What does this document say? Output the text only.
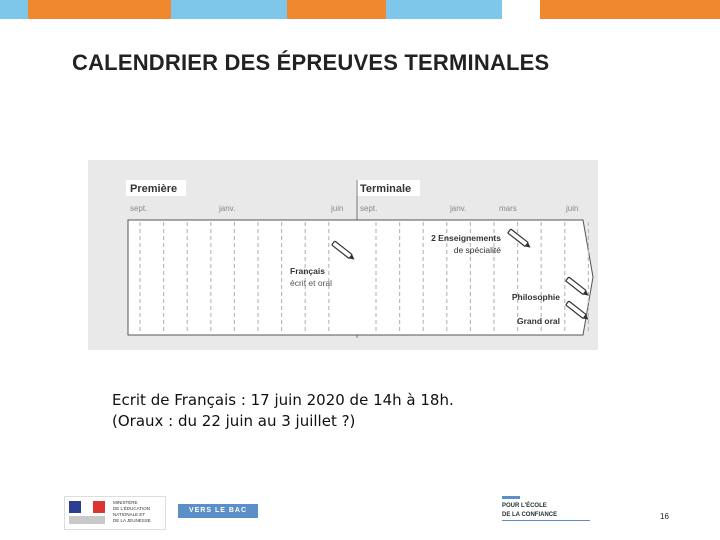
CALENDRIER DES ÉPREUVES TERMINALES
Première	Terminale
sept.	janv.	juin sept.	janv.	mars	juin
Français
écrit et oral
2 Enseignements
de spécialité
Philosophie
Grand oral
Ecrit de Français : 17 juin 2020 de 14h à 18h.
(Oraux : du 22 juin au 3 juillet ?)
MINISTÈRE
DE L'ÉDUCATION
NATIONALE ET
DE LA JEUNESSE
VERS LE BAC 2021
POUR L'ÉCOLE
DE LA CONFIANCE	16
